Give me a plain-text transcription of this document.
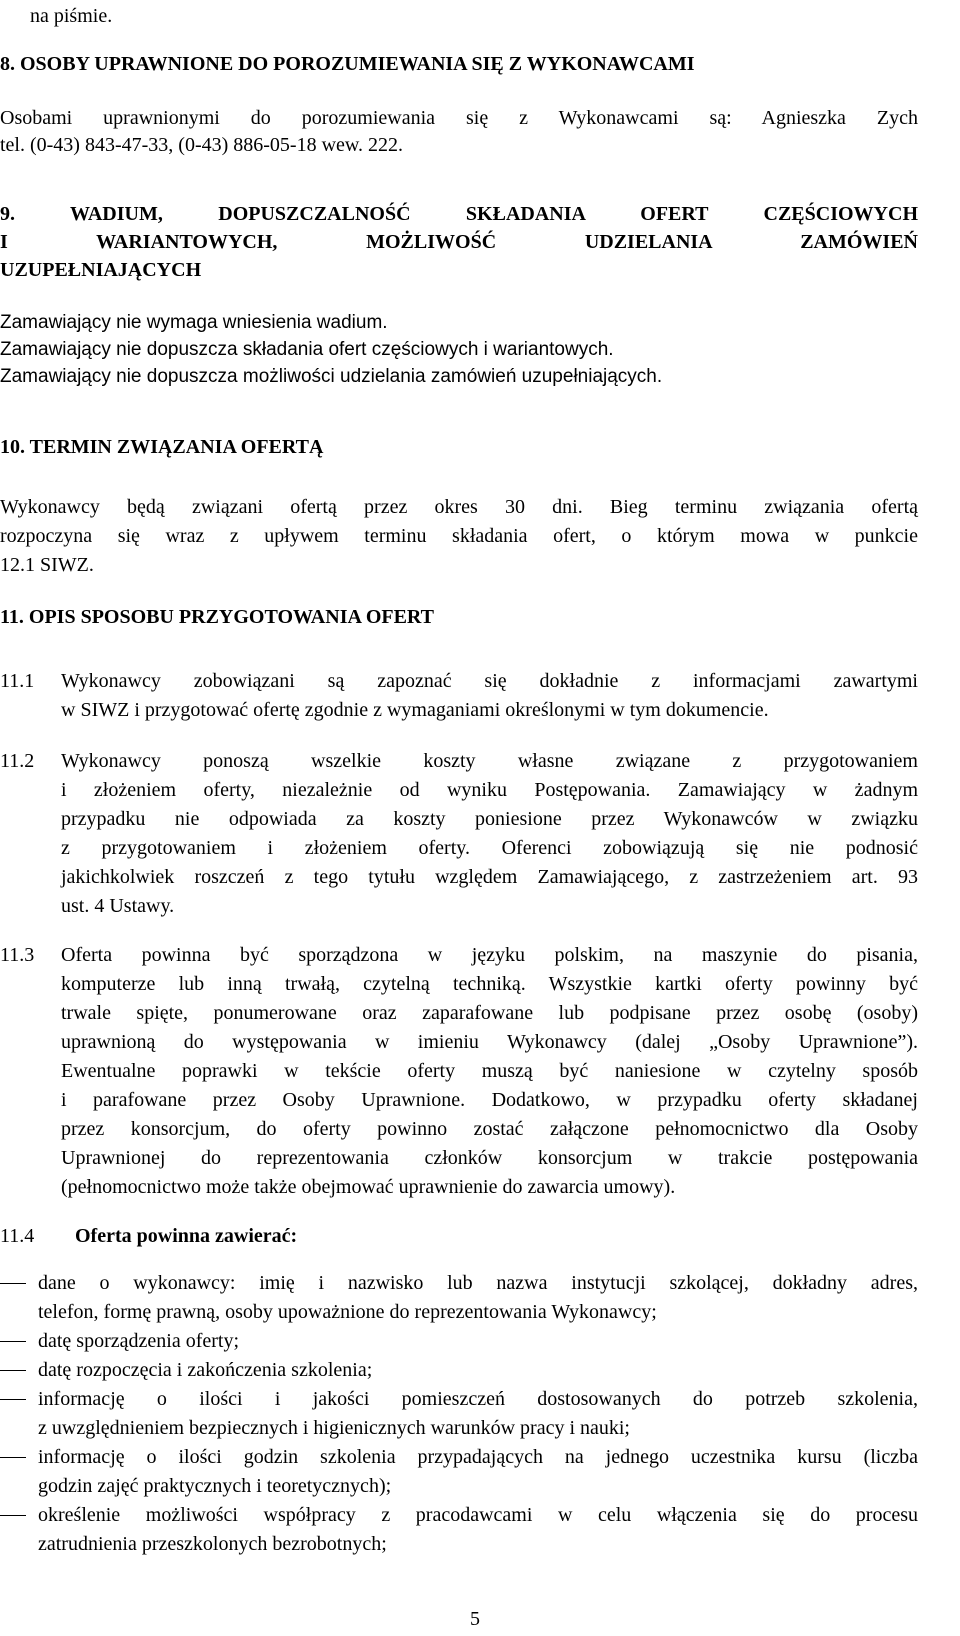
na piśmie.
8. OSOBY UPRAWNIONE DO POROZUMIEWANIA SIĘ Z WYKONAWCAMI
Osobami uprawnionymi do porozumiewania się z Wykonawcami są: Agnieszka Zych
tel. (0-43) 843-47-33, (0-43) 886-05-18 wew. 222.
9. WADIUM, DOPUSZCZALNOŚĆ SKŁADANIA OFERT CZĘŚCIOWYCH
I WARIANTOWYCH, MOŻLIWOŚĆ UDZIELANIA ZAMÓWIEŃ
UZUPEŁNIAJĄCYCH
Zamawiający nie wymaga wniesienia wadium.
Zamawiający nie dopuszcza składania ofert częściowych i wariantowych.
Zamawiający nie dopuszcza możliwości udzielania zamówień uzupełniających.
10. TERMIN ZWIĄZANIA OFERTĄ
Wykonawcy będą związani ofertą przez okres 30 dni. Bieg terminu związania ofertą
rozpoczyna się wraz z upływem terminu składania ofert, o którym mowa w punkcie
12.1 SIWZ.
11. OPIS SPOSOBU PRZYGOTOWANIA OFERT
11.1	Wykonawcy zobowiązani są zapoznać się dokładnie z informacjami zawartymi
w SIWZ i przygotować ofertę zgodnie z wymaganiami określonymi w tym dokumencie.
11.2	Wykonawcy ponoszą wszelkie koszty własne związane z przygotowaniem
i złożeniem oferty, niezależnie od wyniku Postępowania. Zamawiający w żadnym
przypadku nie odpowiada za koszty poniesione przez Wykonawców w związku
z przygotowaniem i złożeniem oferty. Oferenci zobowiązują się nie podnosić
jakichkolwiek roszczeń z tego tytułu względem Zamawiającego, z zastrzeżeniem art. 93
ust. 4 Ustawy.
11.3	Oferta powinna być sporządzona w języku polskim, na maszynie do pisania,
komputerze lub inną trwałą, czytelną techniką. Wszystkie kartki oferty powinny być
trwale spięte, ponumerowane oraz zaparafowane lub podpisane przez osobę (osoby)
uprawnioną do występowania w imieniu Wykonawcy (dalej „Osoby Uprawnione”).
Ewentualne poprawki w tekście oferty muszą być naniesione w czytelny sposób
i parafowane przez Osoby Uprawnione. Dodatkowo, w przypadku oferty składanej
przez konsorcjum, do oferty powinno zostać załączone pełnomocnictwo dla Osoby
Uprawnionej do reprezentowania członków konsorcjum w trakcie postępowania
(pełnomocnictwo może także obejmować uprawnienie do zawarcia umowy).
11.4	Oferta powinna zawierać:
dane o wykonawcy: imię i nazwisko lub nazwa instytucji szkolącej, dokładny adres,
telefon, formę prawną, osoby upoważnione do reprezentowania Wykonawcy;
datę sporządzenia oferty;
datę rozpoczęcia i zakończenia szkolenia;
informację o ilości i jakości pomieszczeń dostosowanych do potrzeb szkolenia,
z uwzględnieniem bezpiecznych i higienicznych warunków pracy i nauki;
informację o ilości godzin szkolenia przypadających na jednego uczestnika kursu (liczba
godzin zajęć praktycznych i teoretycznych);
określenie możliwości współpracy z pracodawcami w celu włączenia się do procesu
zatrudnienia przeszkolonych bezrobotnych;
5
